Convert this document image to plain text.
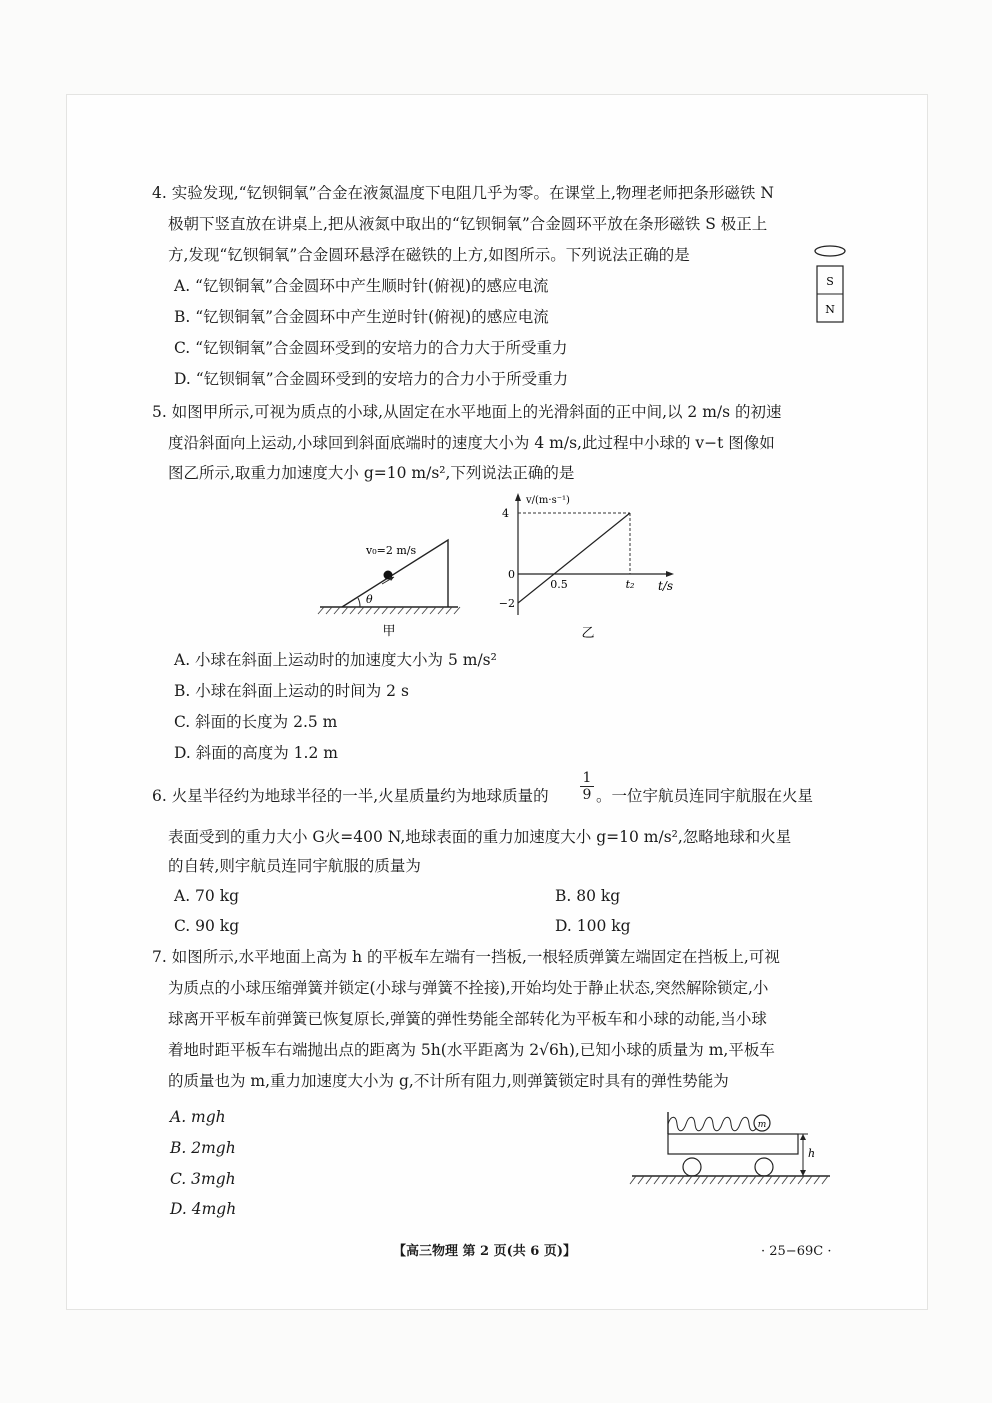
4. 实验发现,“钇钡铜氧”合金在液氮温度下电阻几乎为零。在课堂上,物理老师把条形磁铁 N
极朝下竖直放在讲桌上,把从液氮中取出的“钇钡铜氧”合金圆环平放在条形磁铁 S 极正上
方,发现“钇钡铜氧”合金圆环悬浮在磁铁的上方,如图所示。下列说法正确的是
A. “钇钡铜氧”合金圆环中产生顺时针(俯视)的感应电流
B. “钇钡铜氧”合金圆环中产生逆时针(俯视)的感应电流
C. “钇钡铜氧”合金圆环受到的安培力的合力大于所受重力
D. “钇钡铜氧”合金圆环受到的安培力的合力小于所受重力
S
N
5. 如图甲所示,可视为质点的小球,从固定在水平地面上的光滑斜面的正中间,以 2 m/s 的初速
度沿斜面向上运动,小球回到斜面底端时的速度大小为 4 m/s,此过程中小球的 v−t 图像如
图乙所示,取重力加速度大小 g=10 m/s²,下列说法正确的是
θ
v₀=2 m/s
甲
v/(m·s⁻¹)
4
0
−2
0.5	t₂ t/s
乙
A. 小球在斜面上运动时的加速度大小为 5 m/s²
B. 小球在斜面上运动的时间为 2 s
C. 斜面的长度为 2.5 m
D. 斜面的高度为 1.2 m
6. 火星半径约为地球半径的一半,火星质量约为地球质量的 $\frac{1}{9}$ 。一位宇航员连同宇航服在火星
表面受到的重力大小 G火=400 N,地球表面的重力加速度大小 g=10 m/s²,忽略地球和火星
的自转,则宇航员连同宇航服的质量为
A. 70 kg	B. 80 kg
C. 90 kg	D. 100 kg
7. 如图所示,水平地面上高为 h 的平板车左端有一挡板,一根轻质弹簧左端固定在挡板上,可视
为质点的小球压缩弹簧并锁定(小球与弹簧不拴接),开始均处于静止状态,突然解除锁定,小
球离开平板车前弹簧已恢复原长,弹簧的弹性势能全部转化为平板车和小球的动能,当小球
着地时距平板车右端抛出点的距离为 5h(水平距离为 2√6h),已知小球的质量为 m,平板车
的质量也为 m,重力加速度大小为 g,不计所有阻力,则弹簧锁定时具有的弹性势能为
A. mgh
B. 2mgh
C. 3mgh
D. 4mgh
m
h
【高三物理 第 2 页(共 6 页)】	· 25−69C ·
